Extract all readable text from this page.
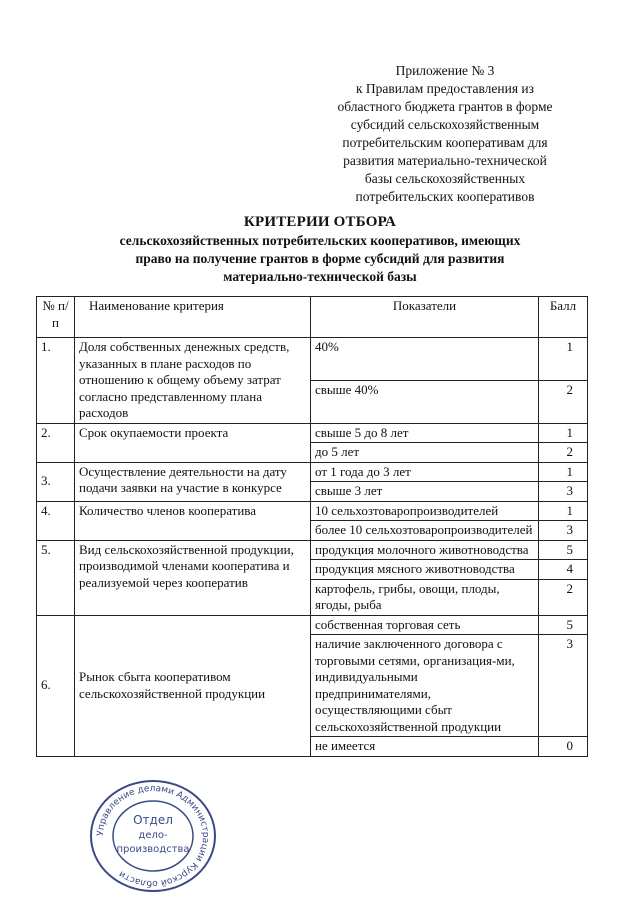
Приложение № 3
к Правилам предоставления из
областного бюджета грантов в форме
субсидий сельскохозяйственным
потребительским кооперативам для
развития материально-технической
базы сельскохозяйственных
потребительских кооперативов
КРИТЕРИИ ОТБОРА
сельскохозяйственных потребительских кооперативов, имеющих
право на получение грантов в форме субсидий для развития
материально-технической базы
№ п/п	Наименование критерия	Показатели	Балл
1.	Доля собственных денежных средств, указанных в плане расходов по отношению к общему объему затрат согласно представленному плана расходов	40%	1
		свыше 40%	2
2.	Срок окупаемости проекта	свыше 5 до 8 лет	1
		до 5 лет	2
3.	Осуществление деятельности на дату подачи заявки на участие в конкурсе	от 1 года до 3 лет	1
		свыше 3 лет	3
4.	Количество членов кооператива	10 сельхозтоваропроизводителей	1
		более 10 сельхозтоваропроизводителей	3
5.	Вид сельскохозяйственной продукции, производимой членами кооператива и реализуемой через кооператив	продукция молочного животноводства	5
		продукция мясного животноводства	4
		картофель, грибы, овощи, плоды, ягоды, рыба	2
6.	Рынок сбыта кооперативом сельскохозяйственной продукции	собственная торговая сеть	5
		наличие заключенного договора с торговыми сетями, организация-ми, индивидуальными предпринимателями, осуществляющими сбыт сельскохозяйственной продукции	3
		не имеется	0
Управление делами Администрации Курской области
Отдел
дело-
производства
